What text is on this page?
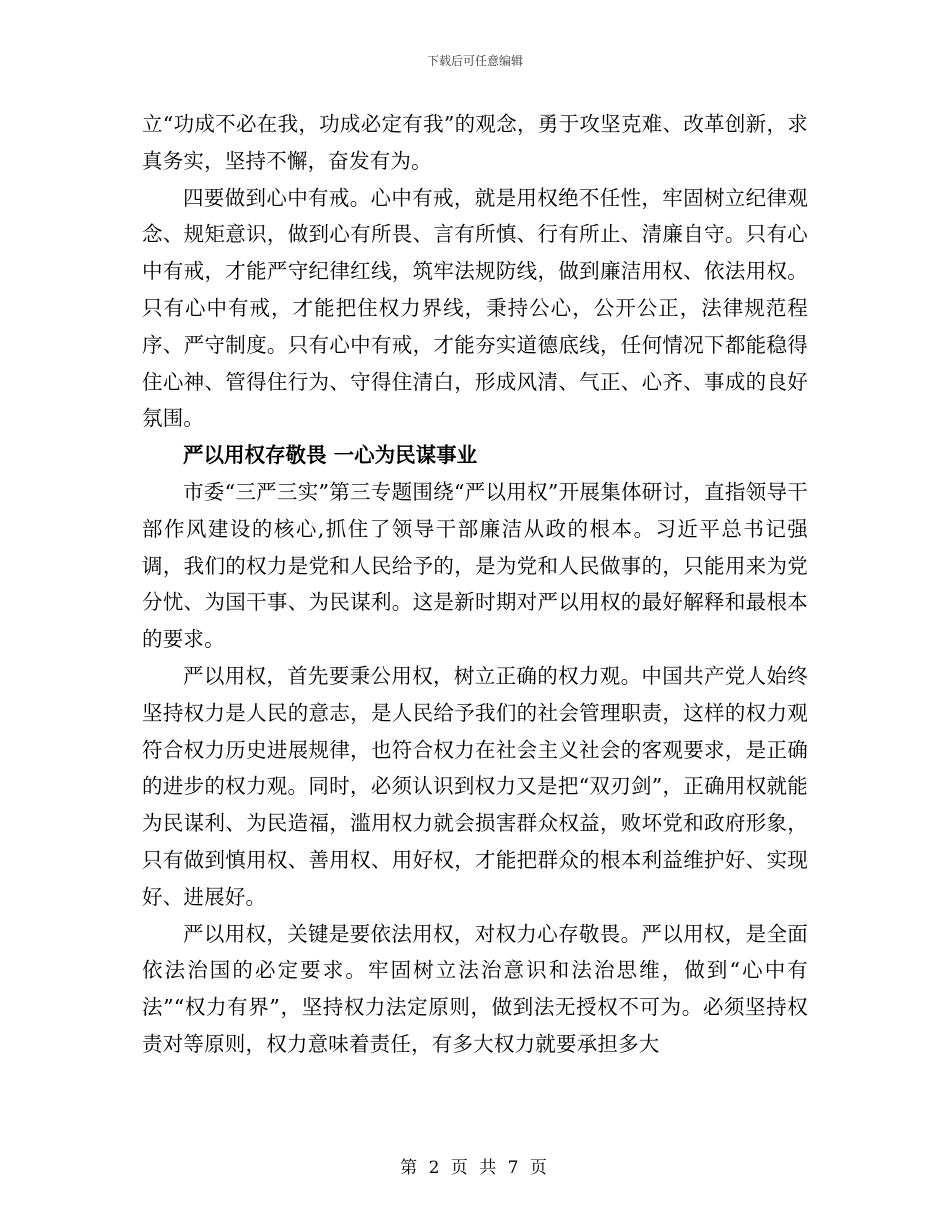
下载后可任意编辑

立“功成不必在我，功成必定有我”的观念，勇于攻坚克难、改革创新，求真务实，坚持不懈，奋发有为。

四要做到心中有戒。心中有戒，就是用权绝不任性，牢固树立纪律观念、规矩意识，做到心有所畏、言有所慎、行有所止、清廉自守。只有心中有戒，才能严守纪律红线，筑牢法规防线，做到廉洁用权、依法用权。只有心中有戒，才能把住权力界线，秉持公心，公开公正，法律规范程序、严守制度。只有心中有戒，才能夯实道德底线，任何情况下都能稳得住心神、管得住行为、守得住清白，形成风清、气正、心齐、事成的良好氛围。

严以用权存敬畏 一心为民谋事业

市委“三严三实”第三专题围绕“严以用权”开展集体研讨，直指领导干部作风建设的核心,抓住了领导干部廉洁从政的根本。习近平总书记强调，我们的权力是党和人民给予的，是为党和人民做事的，只能用来为党分忧、为国干事、为民谋利。这是新时期对严以用权的最好解释和最根本的要求。

严以用权，首先要秉公用权，树立正确的权力观。中国共产党人始终坚持权力是人民的意志，是人民给予我们的社会管理职责，这样的权力观符合权力历史进展规律，也符合权力在社会主义社会的客观要求，是正确的进步的权力观。同时，必须认识到权力又是把“双刃剑”，正确用权就能为民谋利、为民造福，滥用权力就会损害群众权益，败坏党和政府形象，只有做到慎用权、善用权、用好权，才能把群众的根本利益维护好、实现好、进展好。

严以用权，关键是要依法用权，对权力心存敬畏。严以用权，是全面依法治国的必定要求。牢固树立法治意识和法治思维，做到“心中有法”“权力有界”，坚持权力法定原则，做到法无授权不可为。必须坚持权责对等原则，权力意味着责任，有多大权力就要承担多大

第 2 页 共 7 页
